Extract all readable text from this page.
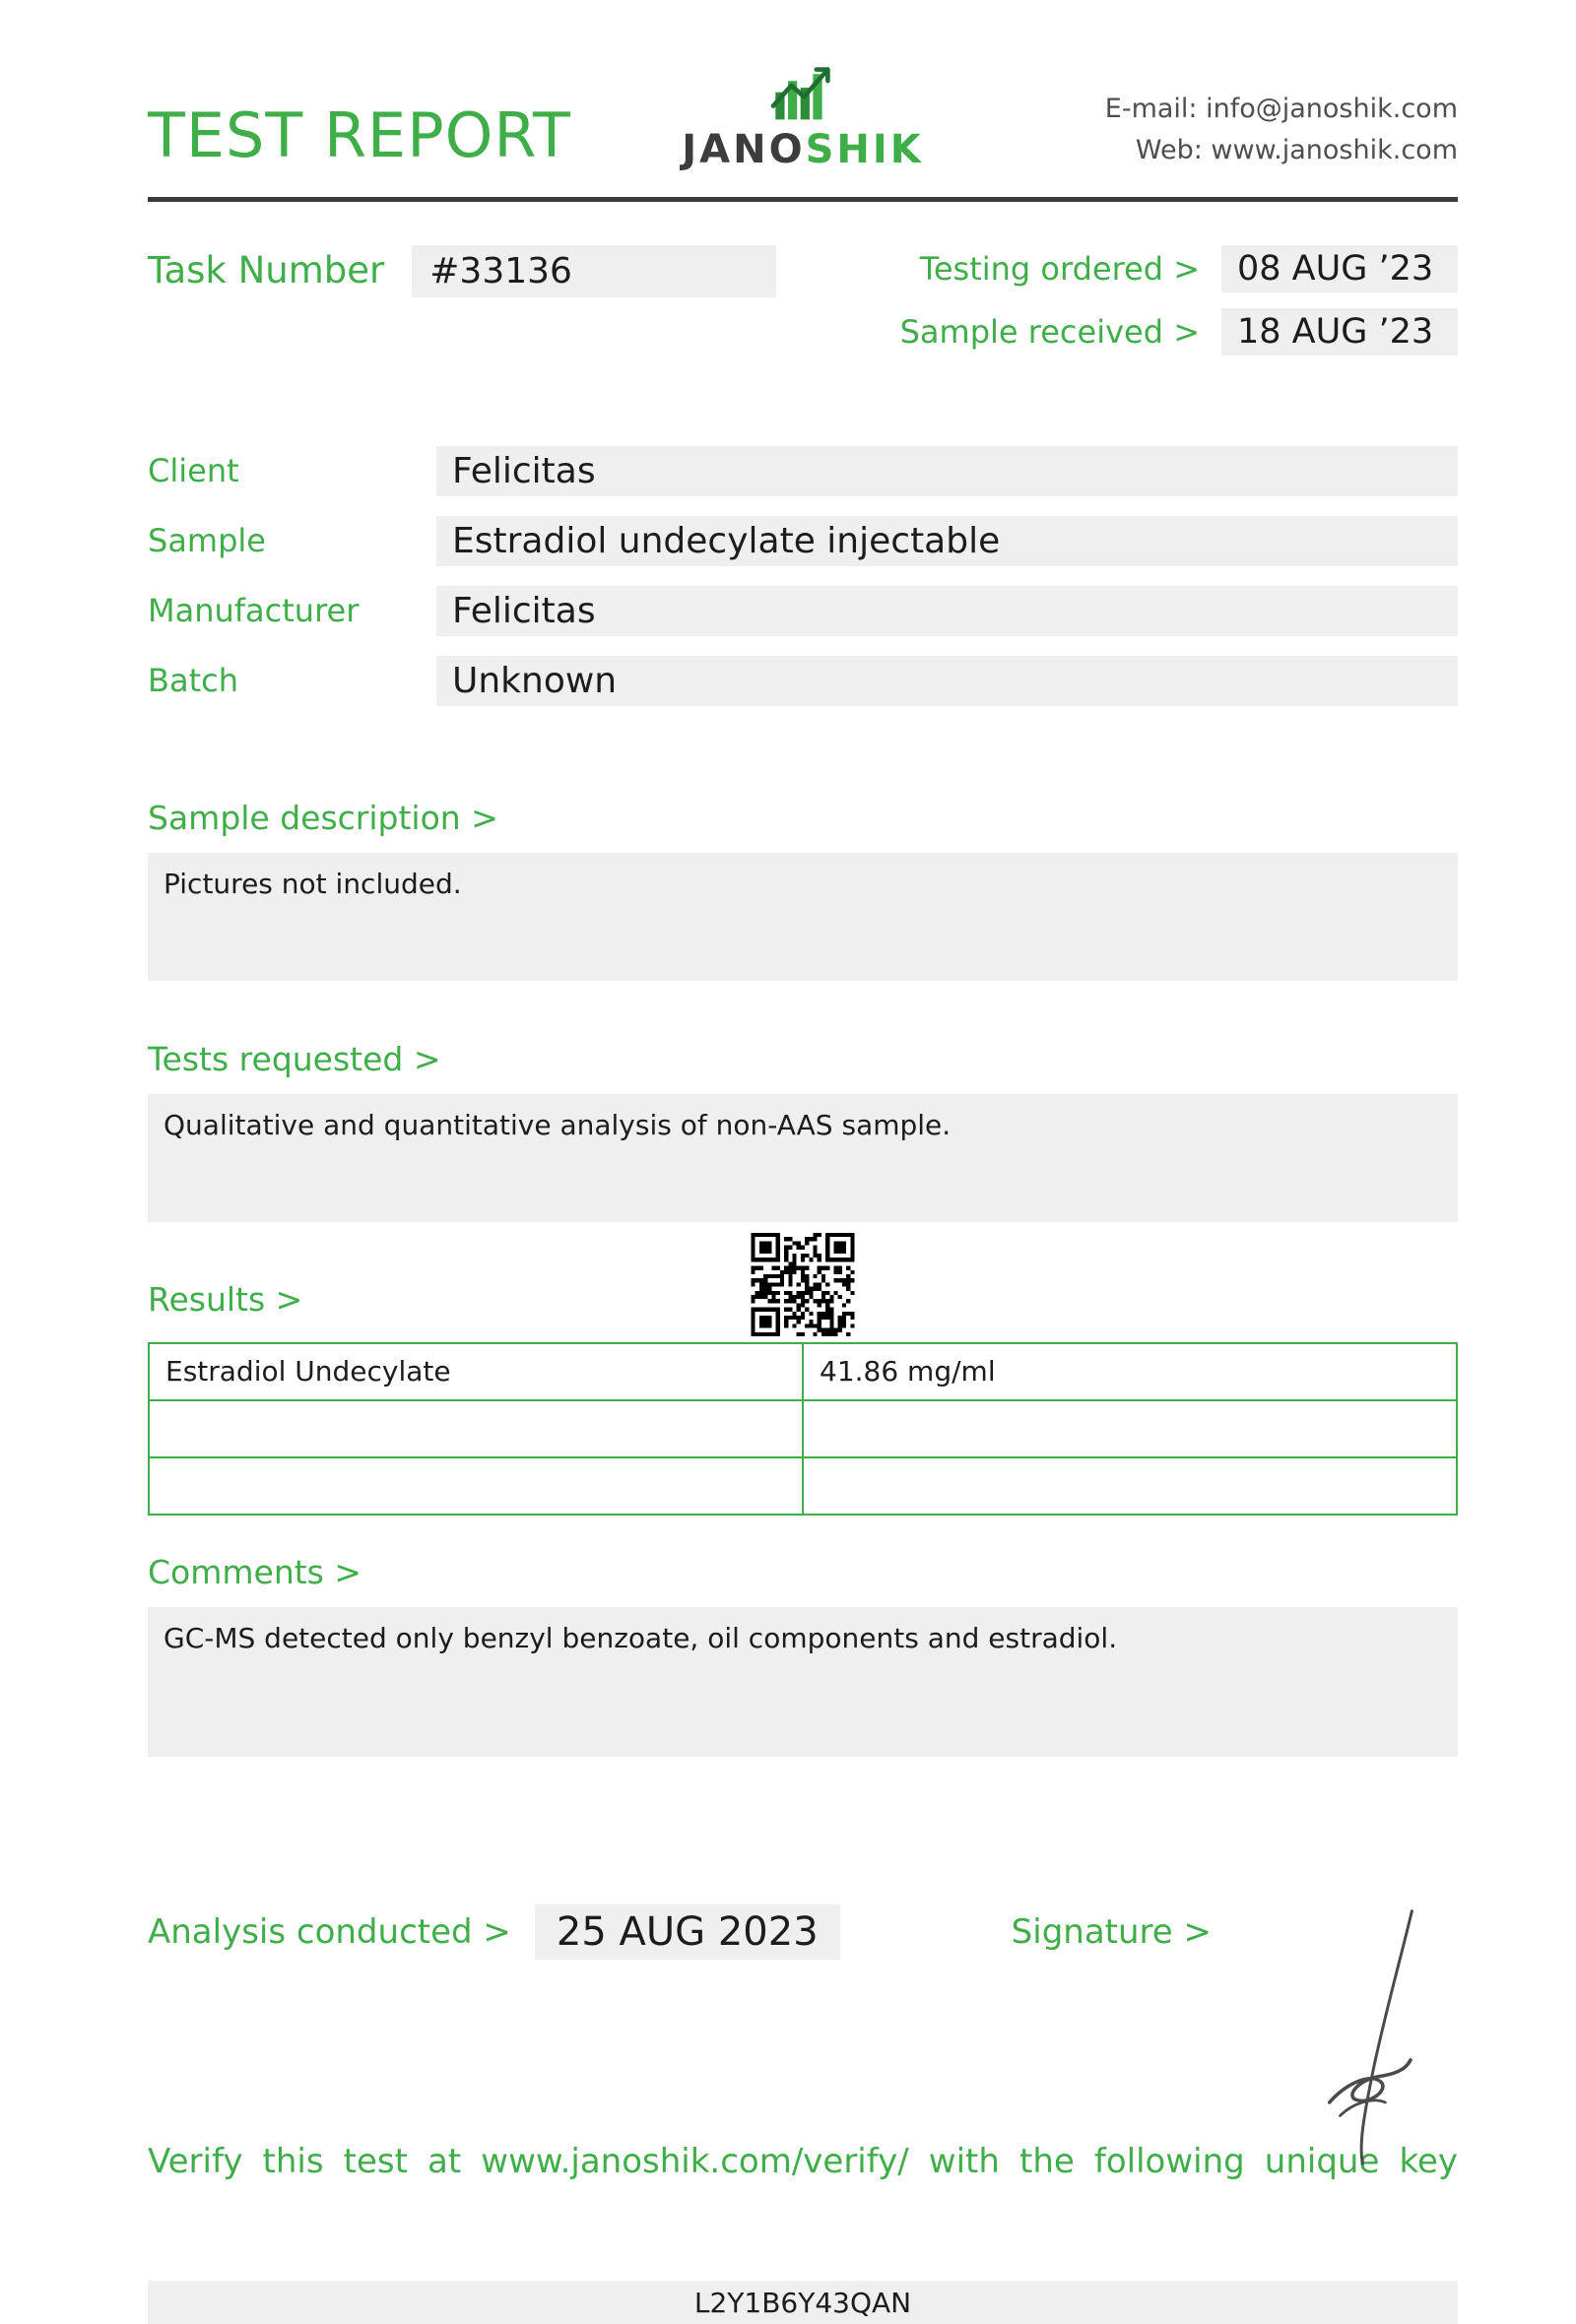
TEST REPORT	JANOSHIK
E-mail: info@janoshik.com
Web: www.janoshik.com
Task Number	#33136	Testing ordered >	08 AUG ’23
Sample received >	18 AUG ’23
Client	Felicitas
Sample	Estradiol undecylate injectable
Manufacturer	Felicitas
Batch	Unknown
Sample description >
Pictures not included.
Tests requested >
Qualitative and quantitative analysis of non-AAS sample.
Results >
Estradiol Undecylate	41.86 mg/ml

Comments >
GC-MS detected only benzyl benzoate, oil components and estradiol.
Analysis conducted >	25 AUG 2023	Signature >
Verify this test at www.janoshik.com/verify/ with the following unique key
L2Y1B6Y43QAN
